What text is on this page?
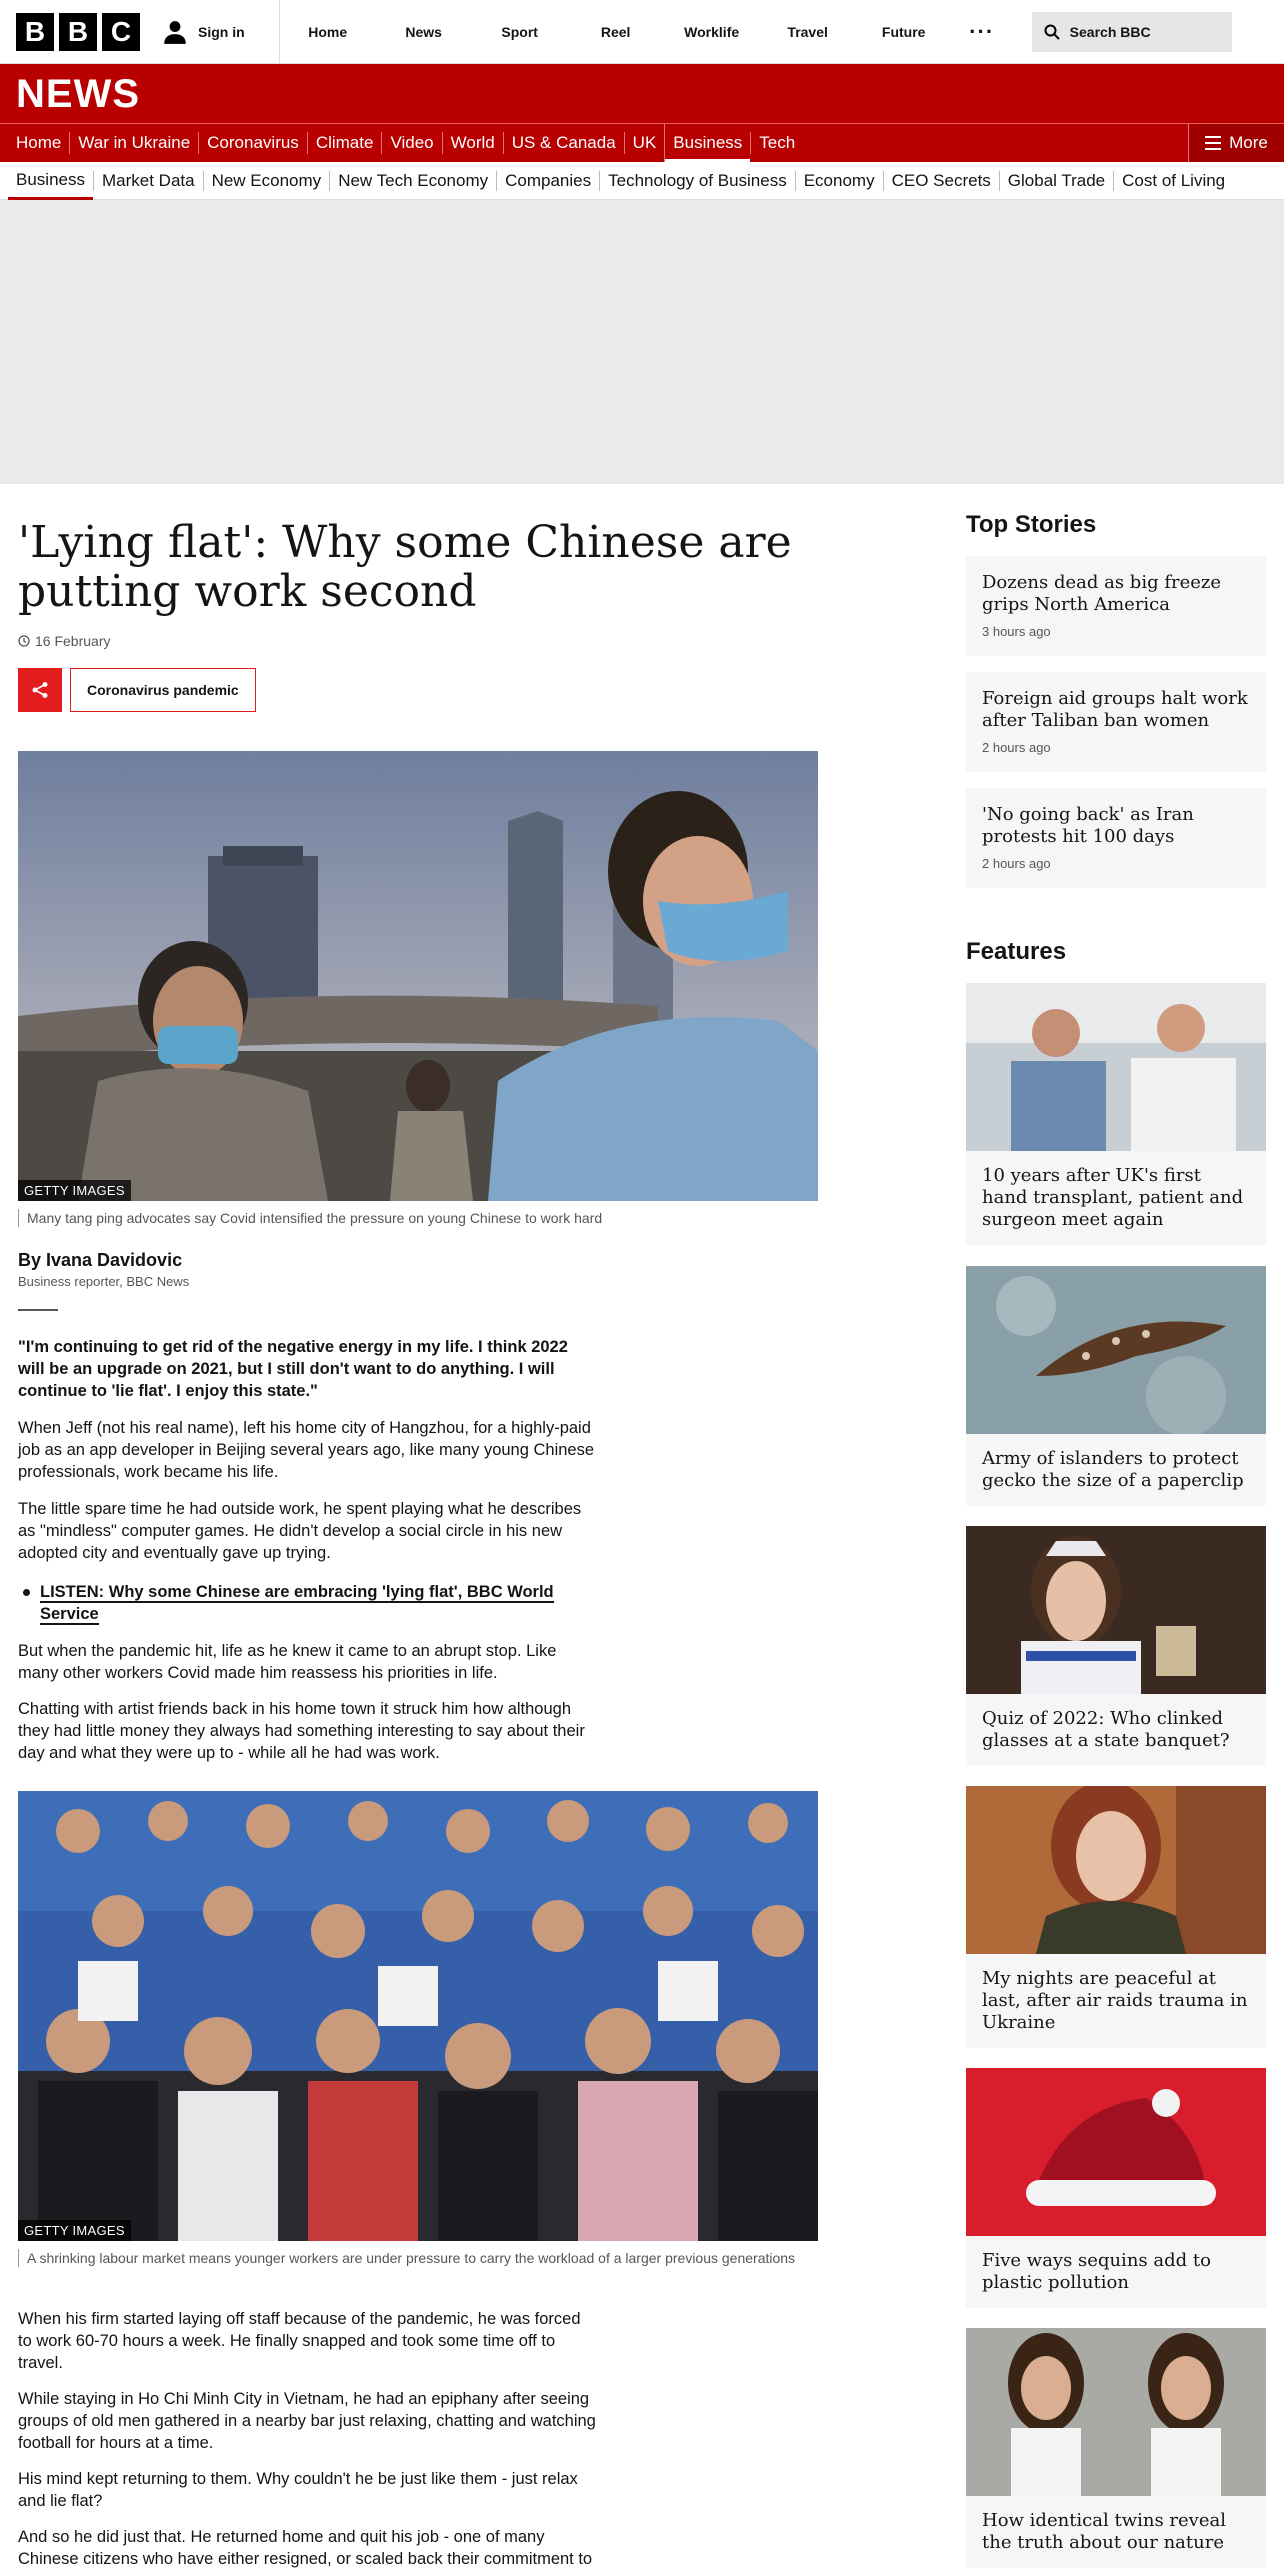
B B C	Sign in	Home	News	Sport	Reel	Worklife	Travel	Future	···	Search BBC
NEWS
Home	War in Ukraine	Coronavirus	Climate	Video	World	US & Canada	UK	Business	Tech	More
Business	Market Data	New Economy	New Tech Economy	Companies	Technology of Business	Economy	CEO Secrets	Global Trade	Cost of Living
'Lying flat': Why some Chinese are putting work second
16 February
Coronavirus pandemic
GETTY IMAGES
Many tang ping advocates say Covid intensified the pressure on young Chinese to work hard
By Ivana Davidovic
Business reporter, BBC News

"I'm continuing to get rid of the negative energy in my life. I think 2022 will be an upgrade on 2021, but I still don't want to do anything. I will continue to 'lie flat'. I enjoy this state."

When Jeff (not his real name), left his home city of Hangzhou, for a highly-paid job as an app developer in Beijing several years ago, like many young Chinese professionals, work became his life.

The little spare time he had outside work, he spent playing what he describes as "mindless" computer games. He didn't develop a social circle in his new adopted city and eventually gave up trying.

LISTEN: Why some Chinese are embracing 'lying flat', BBC World Service

But when the pandemic hit, life as he knew it came to an abrupt stop. Like many other workers Covid made him reassess his priorities in life.

Chatting with artist friends back in his home town it struck him how although they had little money they always had something interesting to say about their day and what they were up to - while all he had was work.

GETTY IMAGES
A shrinking labour market means younger workers are under pressure to carry the workload of a larger previous generations

When his firm started laying off staff because of the pandemic, he was forced to work 60-70 hours a week. He finally snapped and took some time off to travel.

While staying in Ho Chi Minh City in Vietnam, he had an epiphany after seeing groups of old men gathered in a nearby bar just relaxing, chatting and watching football for hours at a time.

His mind kept returning to them. Why couldn't he be just like them - just relax and lie flat?

And so he did just that. He returned home and quit his job - one of many Chinese citizens who have either resigned, or scaled back their commitment to

Top Stories
Dozens dead as big freeze grips North America
3 hours ago
Foreign aid groups halt work after Taliban ban women
2 hours ago
'No going back' as Iran protests hit 100 days
2 hours ago
Features
10 years after UK's first hand transplant, patient and surgeon meet again
Army of islanders to protect gecko the size of a paperclip
Quiz of 2022: Who clinked glasses at a state banquet?
My nights are peaceful at last, after air raids trauma in Ukraine
Five ways sequins add to plastic pollution
How identical twins reveal the truth about our nature
